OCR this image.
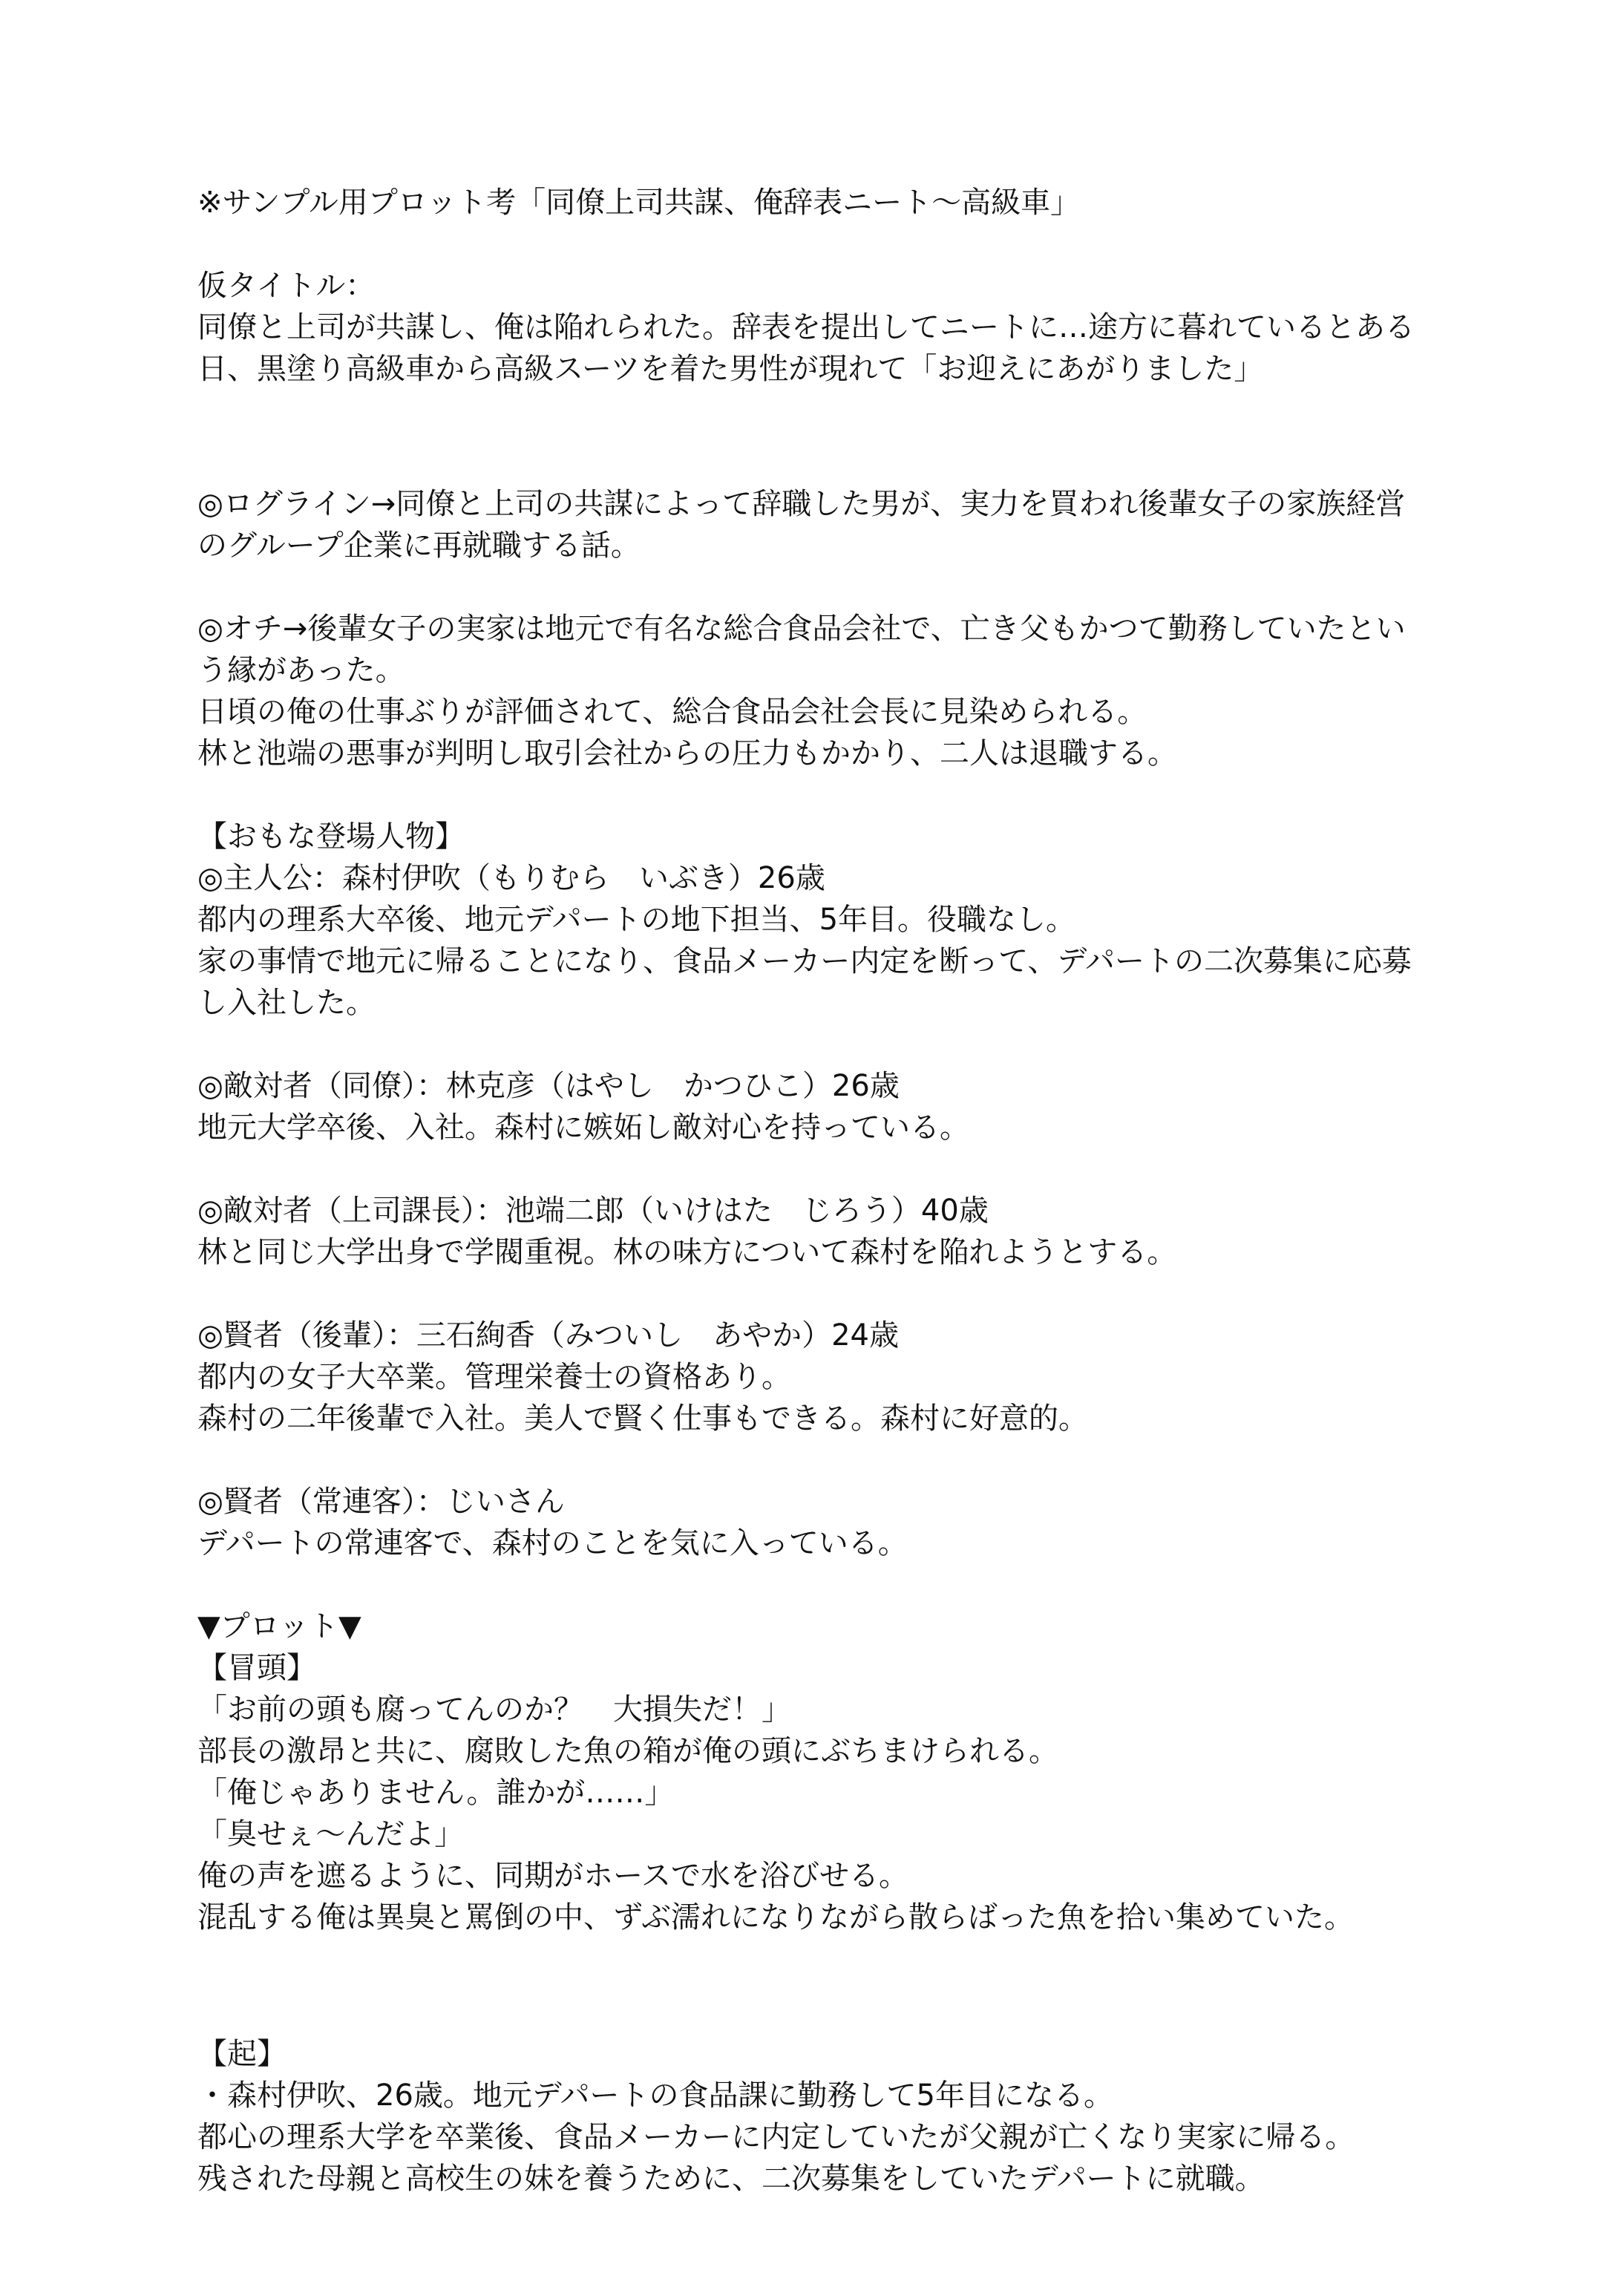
※サンプル用プロット考「同僚上司共謀、俺辞表ニート〜高級車」
仮タイトル：
同僚と上司が共謀し、俺は陥れられた。辞表を提出してニートに…途方に暮れているとある
日、黒塗り高級車から高級スーツを着た男性が現れて「お迎えにあがりました」
◎ログライン→同僚と上司の共謀によって辞職した男が、実力を買われ後輩女子の家族経営
のグループ企業に再就職する話。
◎オチ→後輩女子の実家は地元で有名な総合食品会社で、亡き父もかつて勤務していたとい
う縁があった。
日頃の俺の仕事ぶりが評価されて、総合食品会社会長に見染められる。
林と池端の悪事が判明し取引会社からの圧力もかかり、二人は退職する。
【おもな登場人物】
◎主人公：森村伊吹（もりむら　いぶき）26歳
都内の理系大卒後、地元デパートの地下担当、5年目。役職なし。
家の事情で地元に帰ることになり、食品メーカー内定を断って、デパートの二次募集に応募
し入社した。
◎敵対者（同僚）：林克彦（はやし　かつひこ）26歳
地元大学卒後、入社。森村に嫉妬し敵対心を持っている。
◎敵対者（上司課長）：池端二郎（いけはた　じろう）40歳
林と同じ大学出身で学閥重視。林の味方について森村を陥れようとする。
◎賢者（後輩）：三石絢香（みついし　あやか）24歳
都内の女子大卒業。管理栄養士の資格あり。
森村の二年後輩で入社。美人で賢く仕事もできる。森村に好意的。
◎賢者（常連客）：じいさん
デパートの常連客で、森村のことを気に入っている。
▼プロット▼
【冒頭】
「お前の頭も腐ってんのか？　大損失だ！」
部長の激昂と共に、腐敗した魚の箱が俺の頭にぶちまけられる。
「俺じゃありません。誰かが……」
「臭せぇ〜んだよ」
俺の声を遮るように、同期がホースで水を浴びせる。
混乱する俺は異臭と罵倒の中、ずぶ濡れになりながら散らばった魚を拾い集めていた。
【起】
・森村伊吹、26歳。地元デパートの食品課に勤務して5年目になる。
都心の理系大学を卒業後、食品メーカーに内定していたが父親が亡くなり実家に帰る。
残された母親と高校生の妹を養うために、二次募集をしていたデパートに就職。
